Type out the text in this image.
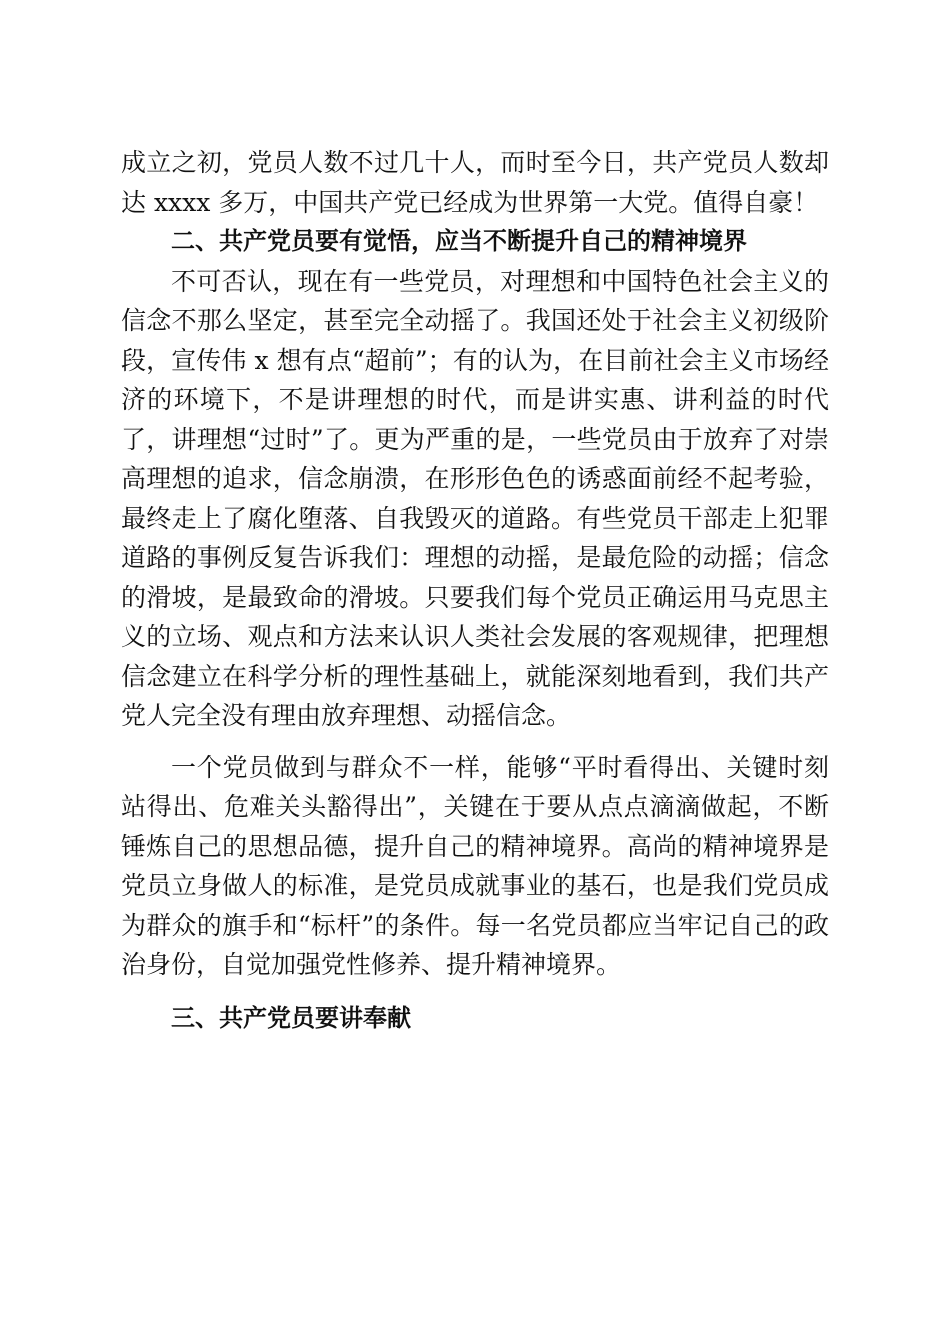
成立之初，党员人数不过几十人，而时至今日，共产党员人数却达 xxxx 多万，中国共产党已经成为世界第一大党。值得自豪！

二、共产党员要有觉悟，应当不断提升自己的精神境界

不可否认，现在有一些党员，对理想和中国特色社会主义的信念不那么坚定，甚至完全动摇了。我国还处于社会主义初级阶段，宣传伟 x 想有点“超前”；有的认为，在目前社会主义市场经济的环境下，不是讲理想的时代，而是讲实惠、讲利益的时代了，讲理想“过时”了。更为严重的是，一些党员由于放弃了对崇高理想的追求，信念崩溃，在形形色色的诱惑面前经不起考验，最终走上了腐化堕落、自我毁灭的道路。有些党员干部走上犯罪道路的事例反复告诉我们：理想的动摇，是最危险的动摇；信念的滑坡，是最致命的滑坡。只要我们每个党员正确运用马克思主义的立场、观点和方法来认识人类社会发展的客观规律，把理想信念建立在科学分析的理性基础上，就能深刻地看到，我们共产党人完全没有理由放弃理想、动摇信念。

一个党员做到与群众不一样，能够“平时看得出、关键时刻站得出、危难关头豁得出”，关键在于要从点点滴滴做起，不断锤炼自己的思想品德，提升自己的精神境界。高尚的精神境界是党员立身做人的标准，是党员成就事业的基石，也是我们党员成为群众的旗手和“标杆”的条件。每一名党员都应当牢记自己的政治身份，自觉加强党性修养、提升精神境界。

三、共产党员要讲奉献
